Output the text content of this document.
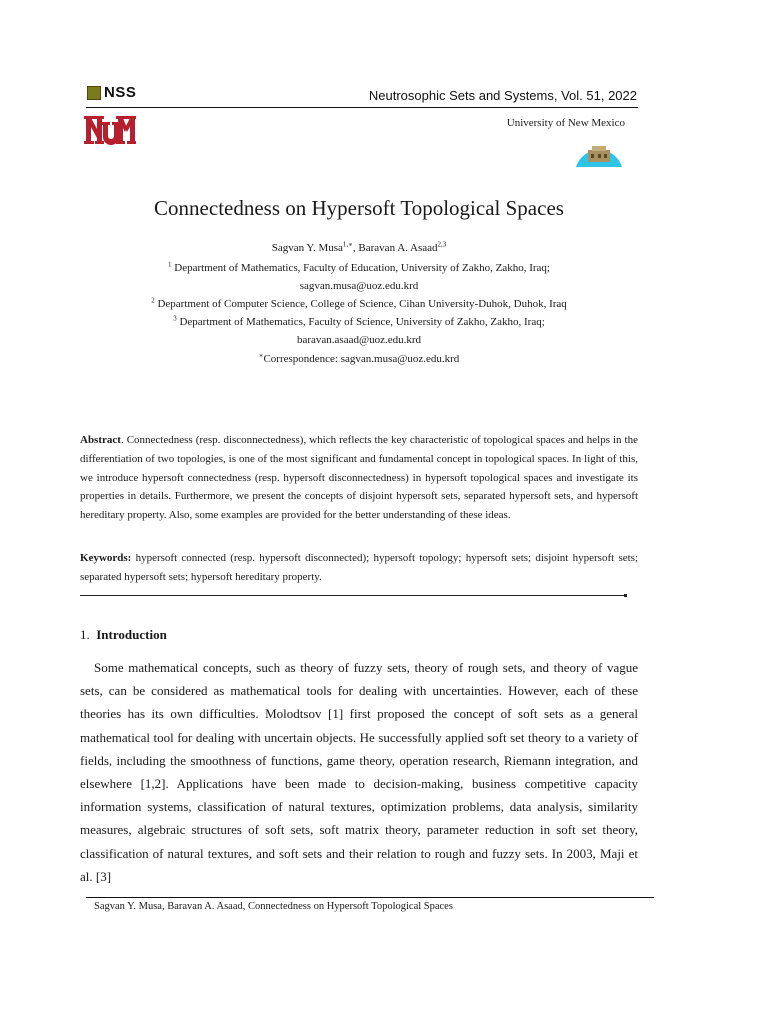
NSS	Neutrosophic Sets and Systems, Vol. 51, 2022
University of New Mexico
Connectedness on Hypersoft Topological Spaces
Sagvan Y. Musa$^{1,∗}$, Baravan A. Asaad$^{2,3}$
$^1$ Department of Mathematics, Faculty of Education, University of Zakho, Zakho, Iraq;
sagvan.musa@uoz.edu.krd
$^2$ Department of Computer Science, College of Science, Cihan University-Duhok, Duhok, Iraq
$^3$ Department of Mathematics, Faculty of Science, University of Zakho, Zakho, Iraq;
baravan.asaad@uoz.edu.krd
∗Correspondence: sagvan.musa@uoz.edu.krd
Abstract. Connectedness (resp. disconnectedness), which reflects the key characteristic of topological spaces and helps in the differentiation of two topologies, is one of the most significant and fundamental concept in topological spaces. In light of this, we introduce hypersoft connectedness (resp. hypersoft disconnectedness) in hypersoft topological spaces and investigate its properties in details. Furthermore, we present the concepts of disjoint hypersoft sets, separated hypersoft sets, and hypersoft hereditary property. Also, some examples are provided for the better understanding of these ideas.
Keywords: hypersoft connected (resp. hypersoft disconnected); hypersoft topology; hypersoft sets; disjoint hypersoft sets; separated hypersoft sets; hypersoft hereditary property.
1. Introduction
Some mathematical concepts, such as theory of fuzzy sets, theory of rough sets, and theory of vague sets, can be considered as mathematical tools for dealing with uncertainties. However, each of these theories has its own difficulties. Molodtsov [1] first proposed the concept of soft sets as a general mathematical tool for dealing with uncertain objects. He successfully applied soft set theory to a variety of fields, including the smoothness of functions, game theory, operation research, Riemann integration, and elsewhere [1,2]. Applications have been made to decision-making, business competitive capacity information systems, classification of natural textures, optimization problems, data analysis, similarity measures, algebraic structures of soft sets, soft matrix theory, parameter reduction in soft set theory, classification of natural textures, and soft sets and their relation to rough and fuzzy sets. In 2003, Maji et al. [3]
Sagvan Y. Musa, Baravan A. Asaad, Connectedness on Hypersoft Topological Spaces
